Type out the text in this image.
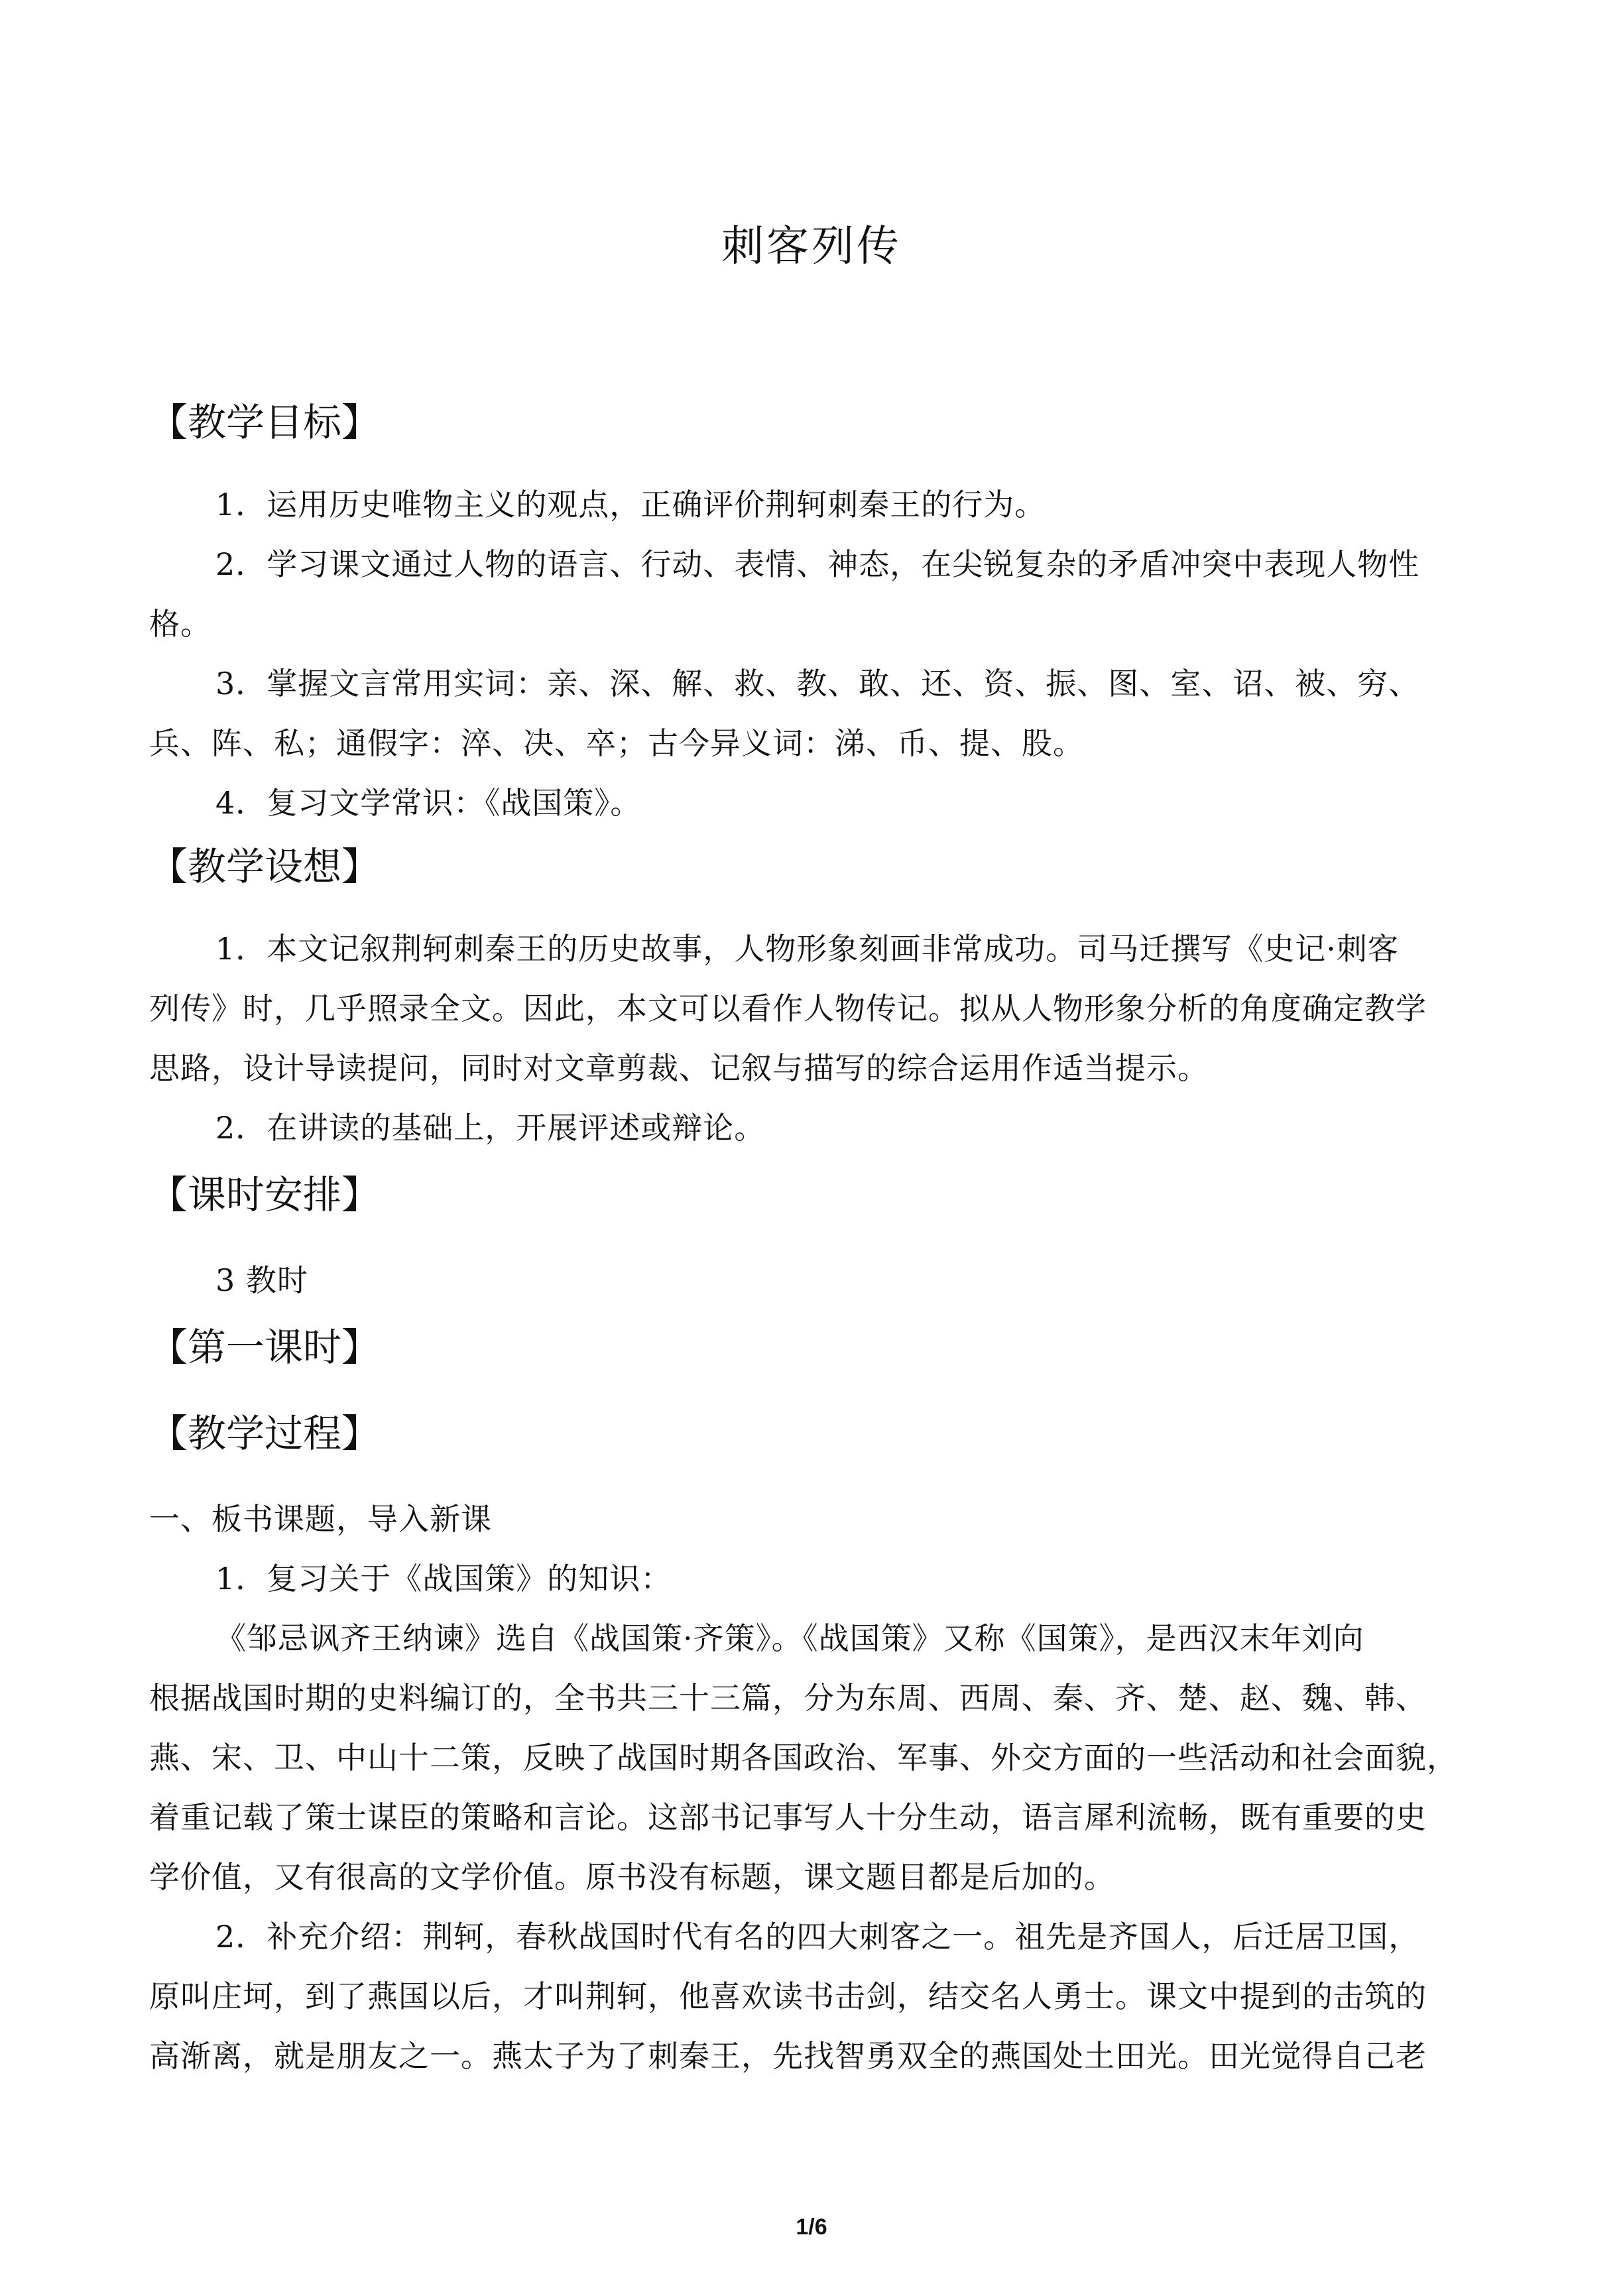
刺客列传
【教学目标】
1．运用历史唯物主义的观点，正确评价荆轲刺秦王的行为。
2．学习课文通过人物的语言、行动、表情、神态，在尖锐复杂的矛盾冲突中表现人物性
格。
3．掌握文言常用实词：亲、深、解、救、教、敢、还、资、振、图、室、诏、被、穷、
兵、阵、私；通假字：淬、决、卒；古今异义词：涕、币、提、股。
4．复习文学常识：《战国策》。
【教学设想】
1．本文记叙荆轲刺秦王的历史故事，人物形象刻画非常成功。司马迁撰写《史记·刺客
列传》时，几乎照录全文。因此，本文可以看作人物传记。拟从人物形象分析的角度确定教学
思路，设计导读提问，同时对文章剪裁、记叙与描写的综合运用作适当提示。
2．在讲读的基础上，开展评述或辩论。
【课时安排】
3 教时
【第一课时】
【教学过程】
一、板书课题，导入新课
1．复习关于《战国策》的知识：
《邹忌讽齐王纳谏》选自《战国策·齐策》。《战国策》又称《国策》，是西汉末年刘向
根据战国时期的史料编订的，全书共三十三篇，分为东周、西周、秦、齐、楚、赵、魏、韩、
燕、宋、卫、中山十二策，反映了战国时期各国政治、军事、外交方面的一些活动和社会面貌，
着重记载了策士谋臣的策略和言论。这部书记事写人十分生动，语言犀利流畅，既有重要的史
学价值，又有很高的文学价值。原书没有标题，课文题目都是后加的。
2．补充介绍：荆轲，春秋战国时代有名的四大刺客之一。祖先是齐国人，后迁居卫国，
原叫庄坷，到了燕国以后，才叫荆轲，他喜欢读书击剑，结交名人勇士。课文中提到的击筑的
高渐离，就是朋友之一。燕太子为了刺秦王，先找智勇双全的燕国处土田光。田光觉得自己老
1/6
